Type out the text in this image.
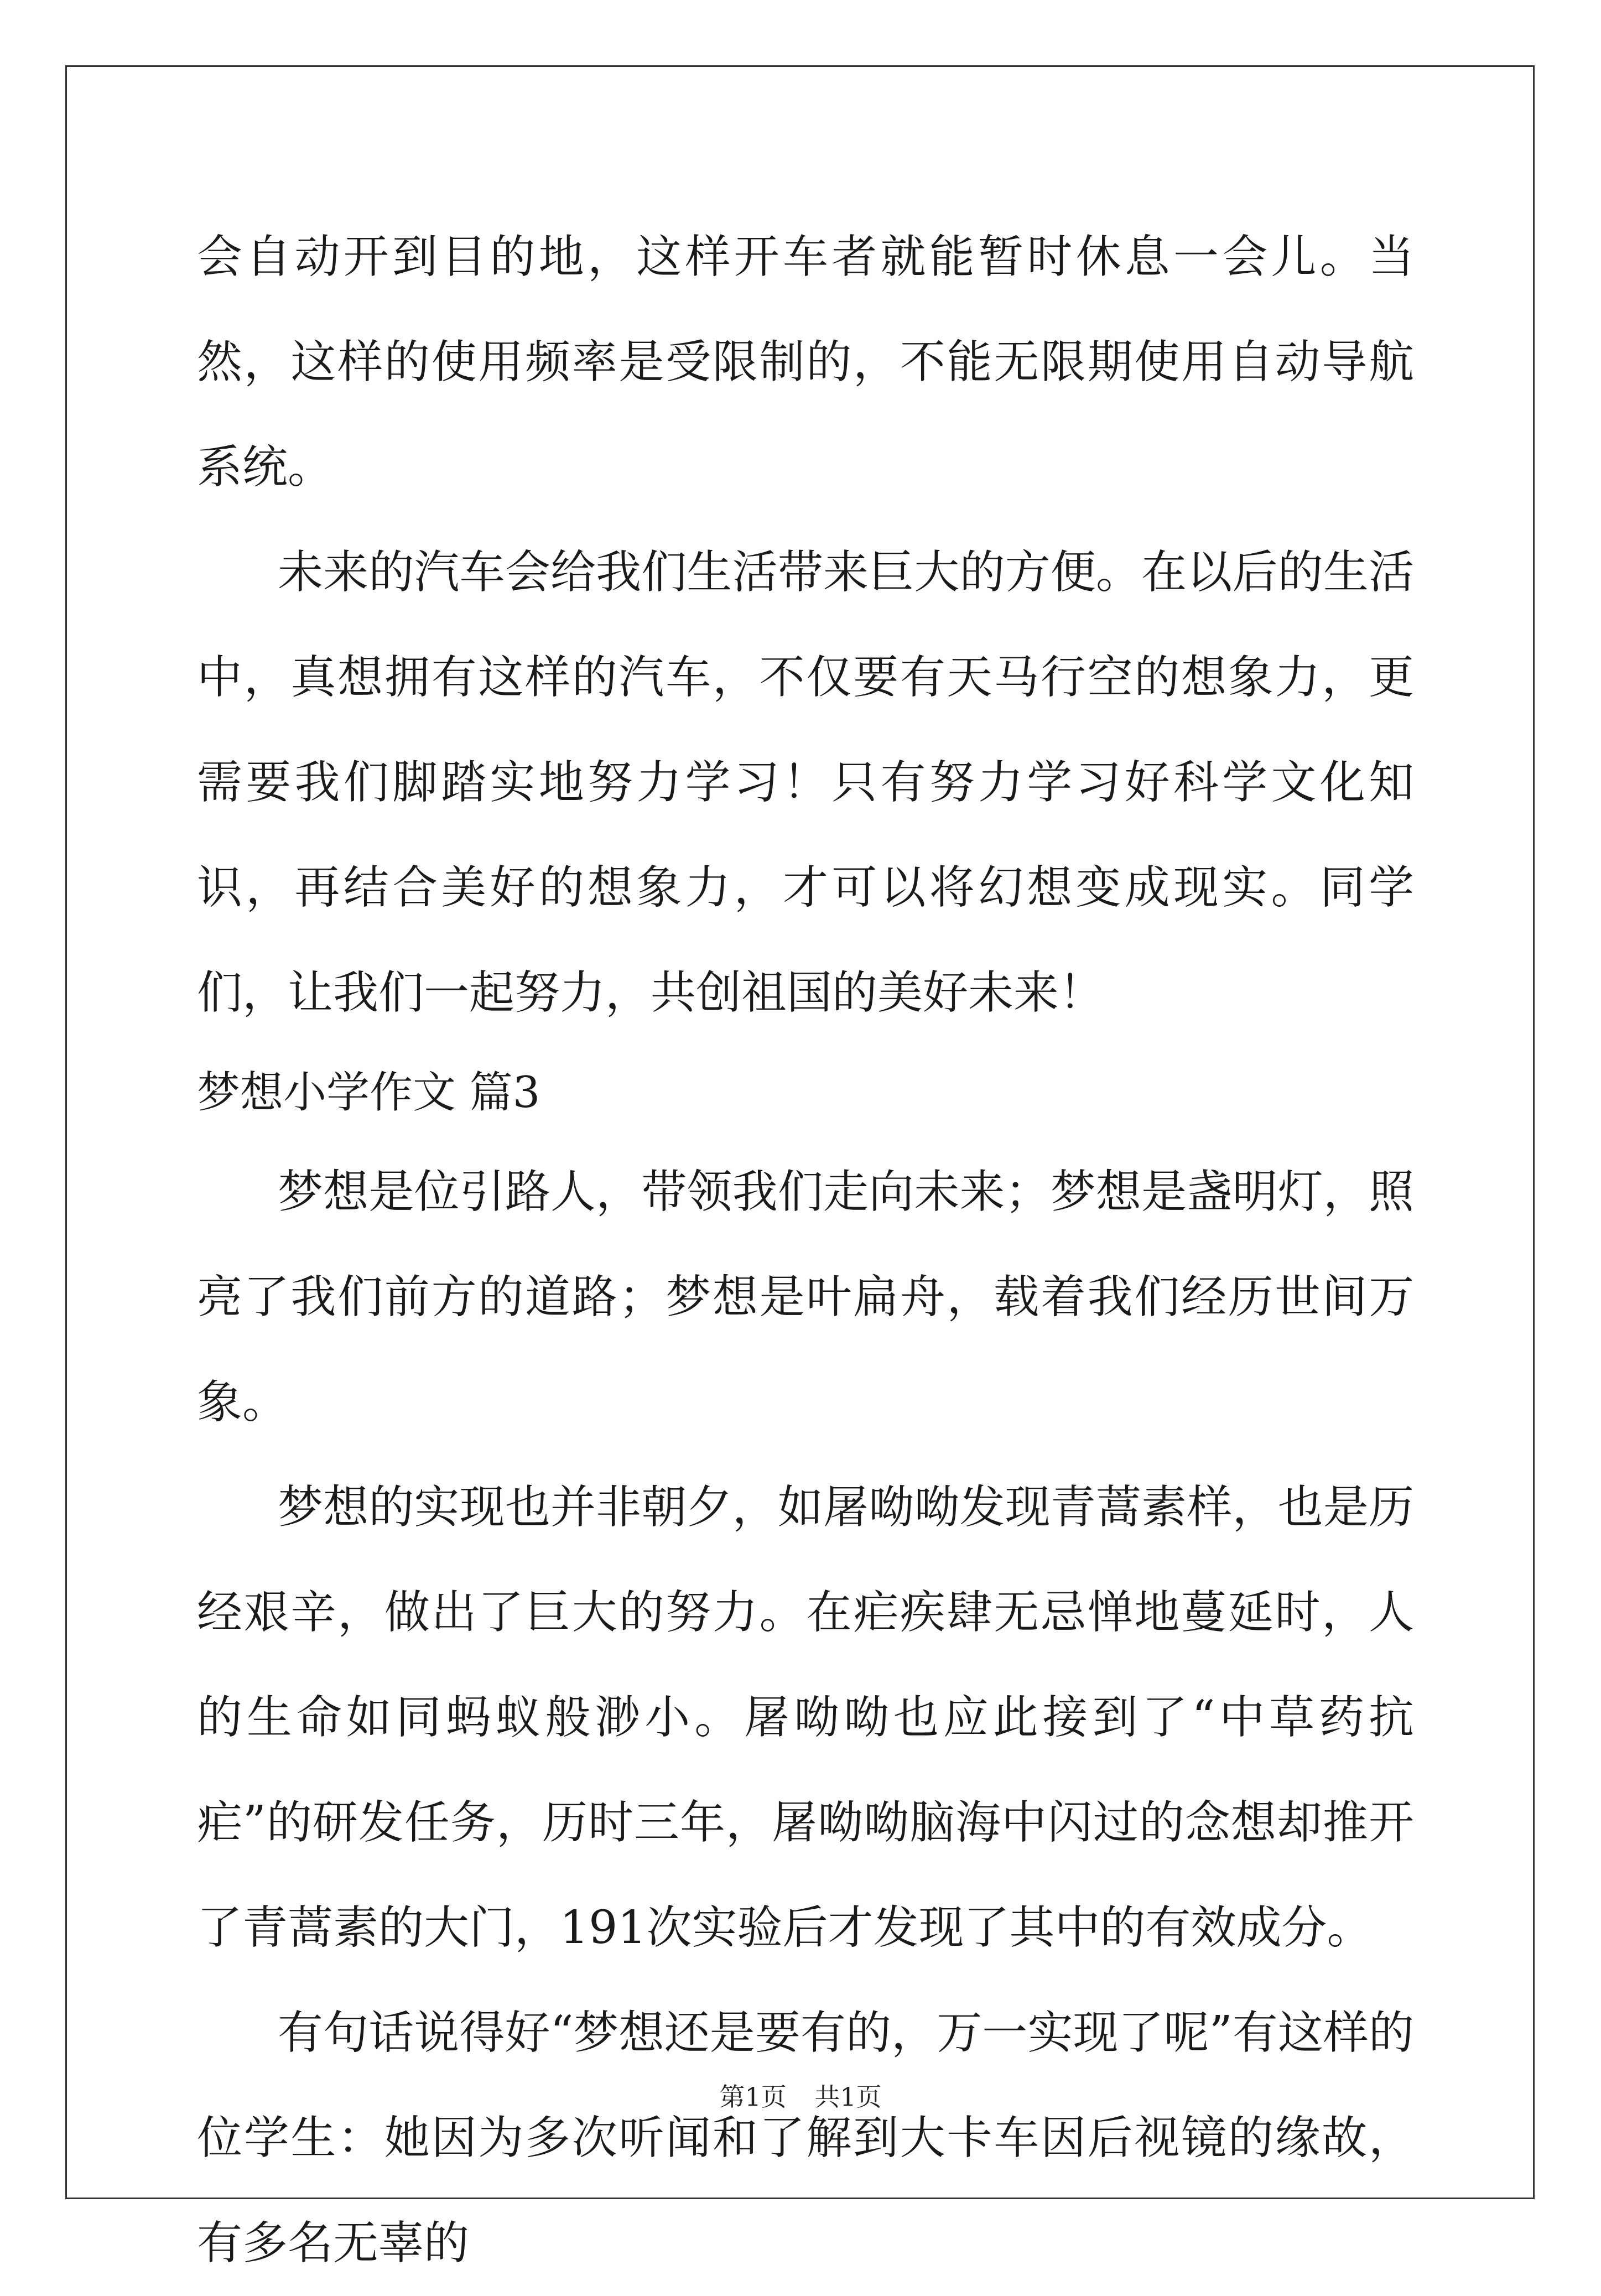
会自动开到目的地，这样开车者就能暂时休息一会儿。当然，这样的使用频率是受限制的，不能无限期使用自动导航系统。

未来的汽车会给我们生活带来巨大的方便。在以后的生活中，真想拥有这样的汽车，不仅要有天马行空的想象力，更需要我们脚踏实地努力学习！只有努力学习好科学文化知识，再结合美好的想象力，才可以将幻想变成现实。同学们，让我们一起努力，共创祖国的美好未来！

梦想小学作文 篇3

梦想是位引路人，带领我们走向未来；梦想是盏明灯，照亮了我们前方的道路；梦想是叶扁舟，载着我们经历世间万象。

梦想的实现也并非朝夕，如屠呦呦发现青蒿素样，也是历经艰辛，做出了巨大的努力。在疟疾肆无忌惮地蔓延时，人的生命如同蚂蚁般渺小。屠呦呦也应此接到了“中草药抗疟”的研发任务，历时三年，屠呦呦脑海中闪过的念想却推开了青蒿素的大门，191次实验后才发现了其中的有效成分。

有句话说得好“梦想还是要有的，万一实现了呢”有这样的位学生：她因为多次听闻和了解到大卡车因后视镜的缘故，有多名无辜的

第1页 共1页
